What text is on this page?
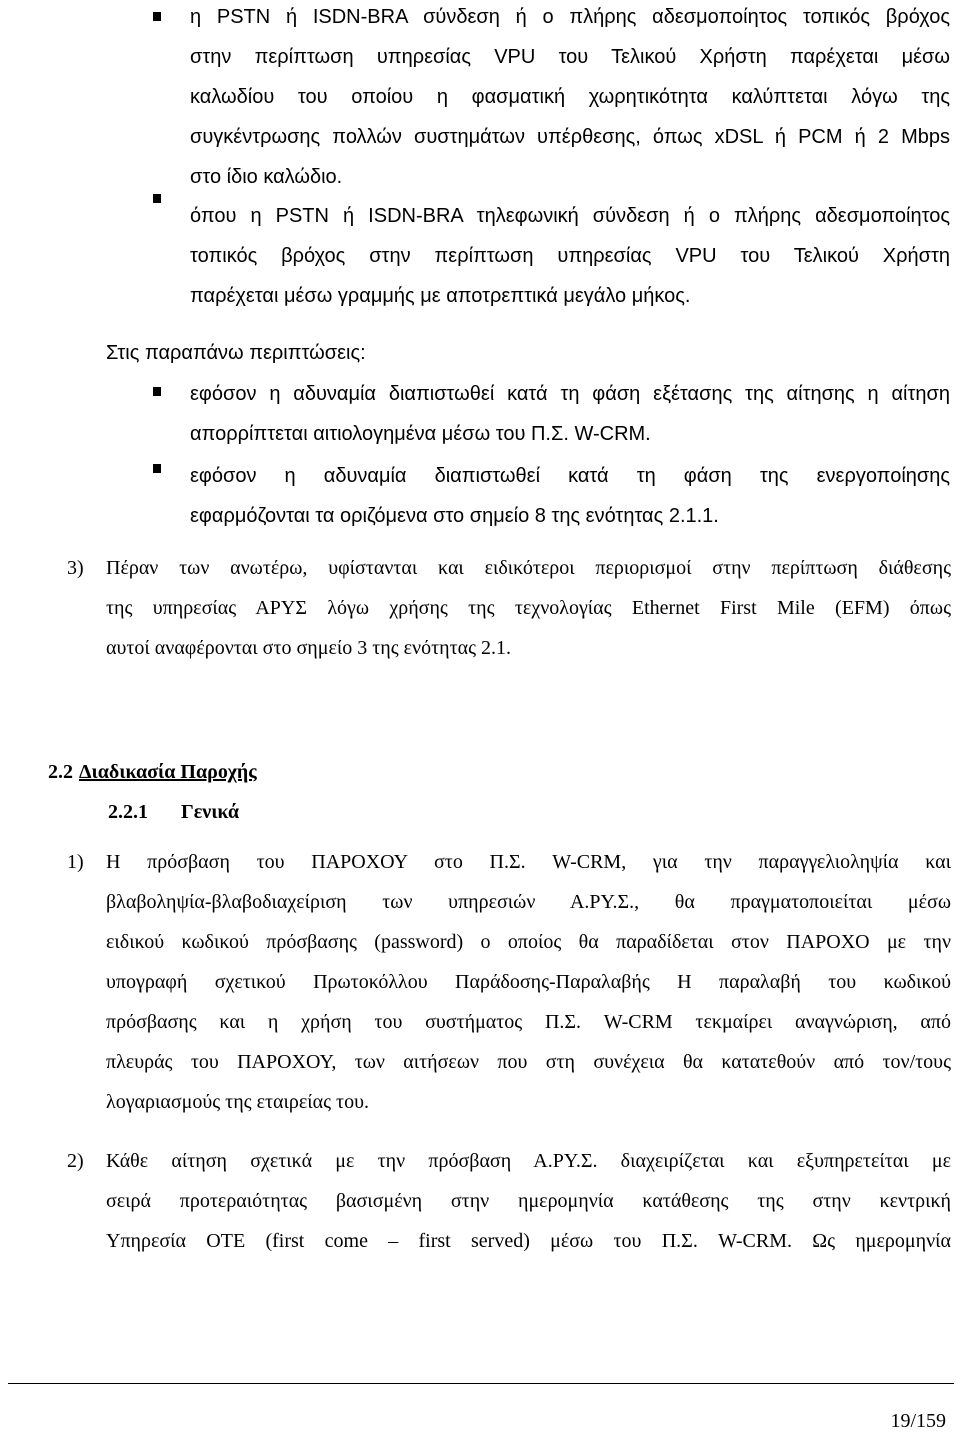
η PSTN ή ISDN-BRA σύνδεση ή ο πλήρης αδεσμοποίητος τοπικός βρόχος
στην περίπτωση υπηρεσίας VPU του Τελικού Χρήστη παρέχεται μέσω
καλωδίου του οποίου η φασματική χωρητικότητα καλύπτεται λόγω της
συγκέντρωσης πολλών συστημάτων υπέρθεσης, όπως xDSL ή PCM ή 2 Mbps
στο ίδιο καλώδιο.
όπου η PSTN ή ISDN-BRA τηλεφωνική σύνδεση ή ο πλήρης αδεσμοποίητος
τοπικός βρόχος στην περίπτωση υπηρεσίας VPU του Τελικού Χρήστη
παρέχεται μέσω γραμμής με αποτρεπτικά μεγάλο μήκος.
Στις παραπάνω περιπτώσεις:
εφόσον η αδυναμία διαπιστωθεί κατά τη φάση εξέτασης της αίτησης η αίτηση
απορρίπτεται αιτιολογημένα μέσω του Π.Σ. W-CRM.
εφόσον η αδυναμία διαπιστωθεί κατά τη φάση της ενεργοποίησης
εφαρμόζονται τα οριζόμενα στο σημείο 8 της ενότητας 2.1.1.
3) Πέραν των ανωτέρω, υφίστανται και ειδικότεροι περιορισμοί στην περίπτωση διάθεσης
της υπηρεσίας ΑΡΥΣ λόγω χρήσης της τεχνολογίας Ethernet First Mile (EFM) όπως
αυτοί αναφέρονται στο σημείο 3 της ενότητας 2.1.
2.2 Διαδικασία Παροχής
2.2.1 Γενικά
1) Η πρόσβαση του ΠΑΡΟΧΟΥ στο Π.Σ. W-CRM, για την παραγγελιοληψία και
βλαβοληψία-βλαβοδιαχείριση των υπηρεσιών Α.ΡΥ.Σ., θα πραγματοποιείται μέσω
ειδικού κωδικού πρόσβασης (password) ο οποίος θα παραδίδεται στον ΠΑΡΟΧΟ με την
υπογραφή σχετικού Πρωτοκόλλου Παράδοσης-Παραλαβής Η παραλαβή του κωδικού
πρόσβασης και η χρήση του συστήματος Π.Σ. W-CRM τεκμαίρει αναγνώριση, από
πλευράς του ΠΑΡΟΧΟΥ, των αιτήσεων που στη συνέχεια θα κατατεθούν από τον/τους
λογαριασμούς της εταιρείας του.
2) Κάθε αίτηση σχετικά με την πρόσβαση Α.ΡΥ.Σ. διαχειρίζεται και εξυπηρετείται με
σειρά προτεραιότητας βασισμένη στην ημερομηνία κατάθεσης της στην κεντρική
Υπηρεσία ΟΤΕ (first come – first served) μέσω του Π.Σ. W-CRM. Ως ημερομηνία
19/159
